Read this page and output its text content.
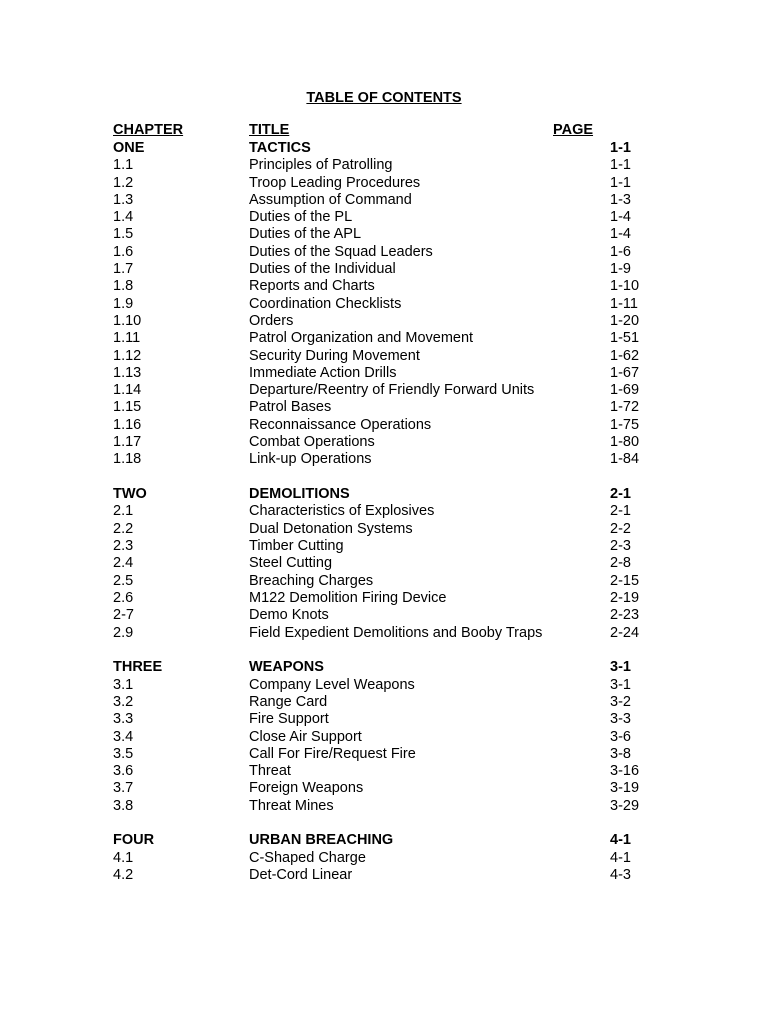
TABLE OF CONTENTS
CHAPTER	TITLE	PAGE
ONE	TACTICS	1-1
1.1	Principles of Patrolling	1-1
1.2	Troop Leading Procedures	1-1
1.3	Assumption of Command	1-3
1.4	Duties of the PL	1-4
1.5	Duties of the APL	1-4
1.6	Duties of the Squad Leaders	1-6
1.7	Duties of the Individual	1-9
1.8	Reports and Charts	1-10
1.9	Coordination Checklists	1-11
1.10	Orders	1-20
1.11	Patrol Organization and Movement	1-51
1.12	Security During Movement	1-62
1.13	Immediate Action Drills	1-67
1.14	Departure/Reentry of Friendly Forward Units	1-69
1.15	Patrol Bases	1-72
1.16	Reconnaissance Operations	1-75
1.17	Combat Operations	1-80
1.18	Link-up Operations	1-84
TWO	DEMOLITIONS	2-1
2.1	Characteristics of Explosives	2-1
2.2	Dual Detonation Systems	2-2
2.3	Timber Cutting	2-3
2.4	Steel Cutting	2-8
2.5	Breaching Charges	2-15
2.6	M122 Demolition Firing Device	2-19
2-7	Demo Knots	2-23
2.9	Field Expedient Demolitions and Booby Traps	2-24
THREE	WEAPONS	3-1
3.1	Company Level Weapons	3-1
3.2	Range Card	3-2
3.3	Fire Support	3-3
3.4	Close Air Support	3-6
3.5	Call For Fire/Request Fire	3-8
3.6	Threat	3-16
3.7	Foreign Weapons	3-19
3.8	Threat Mines	3-29
FOUR	URBAN BREACHING	4-1
4.1	C-Shaped Charge	4-1
4.2	Det-Cord Linear	4-3
